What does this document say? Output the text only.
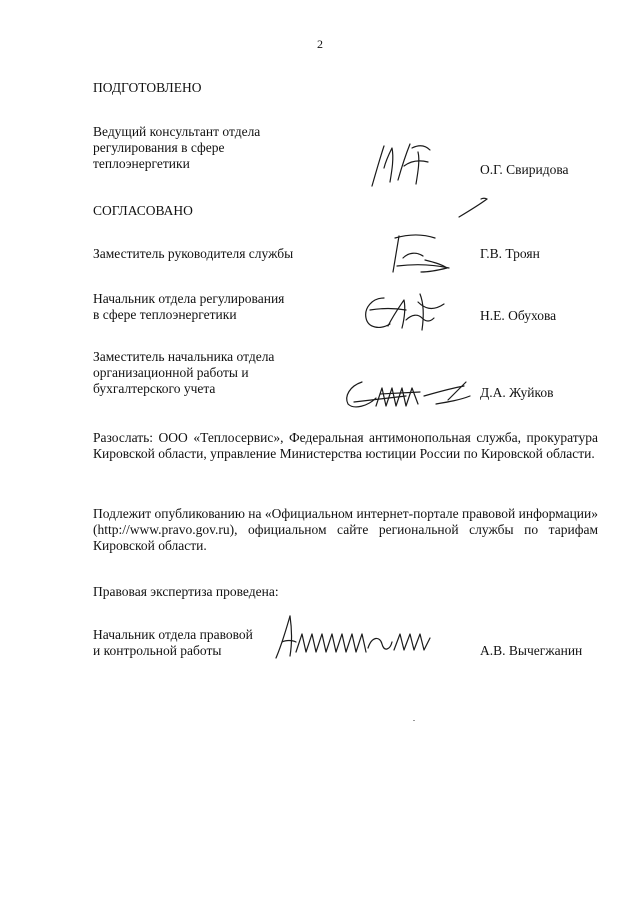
2
ПОДГОТОВЛЕНО
Ведущий консультант отдела
регулирования в сфере
теплоэнергетики	О.Г. Свиридова
СОГЛАСОВАНО
Заместитель руководителя службы	Г.В. Троян
Начальник отдела регулирования
в сфере теплоэнергетики	Н.Е. Обухова
Заместитель начальника отдела
организационной работы и
бухгалтерского учета	Д.А. Жуйков
Разослать: ООО «Теплосервис», Федеральная антимонопольная служба, прокуратура Кировской области, управление Министерства юстиции России по Кировской области.
Подлежит опубликованию на «Официальном интернет-портале правовой информации» (http://www.pravo.gov.ru), официальном сайте региональной службы по тарифам Кировской области.
Правовая экспертиза проведена:
Начальник отдела правовой
и контрольной работы	А.В. Вычегжанин
